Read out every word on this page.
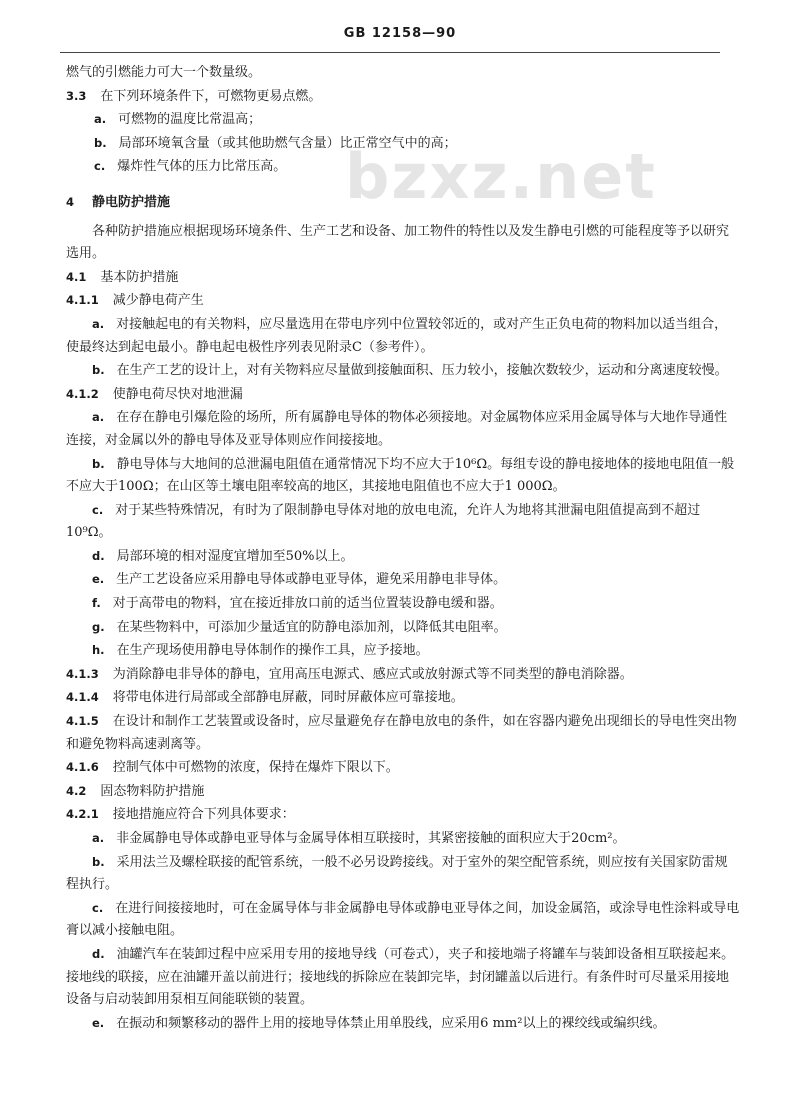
GB 12158—90
bzxz.net

燃气的引燃能力可大一个数量级。

3.3 在下列环境条件下，可燃物更易点燃。

a. 可燃物的温度比常温高；

b. 局部环境氧含量（或其他助燃气含量）比正常空气中的高；

c. 爆炸性气体的压力比常压高。

4 静电防护措施

各种防护措施应根据现场环境条件、生产工艺和设备、加工物件的特性以及发生静电引燃的可能程度等予以研究选用。

4.1 基本防护措施

4.1.1 减少静电荷产生

a. 对接触起电的有关物料，应尽量选用在带电序列中位置较邻近的，或对产生正负电荷的物料加以适当组合，使最终达到起电最小。静电起电极性序列表见附录C（参考件）。

b. 在生产工艺的设计上，对有关物料应尽量做到接触面积、压力较小，接触次数较少，运动和分离速度较慢。

4.1.2 使静电荷尽快对地泄漏

a. 在存在静电引爆危险的场所，所有属静电导体的物体必须接地。对金属物体应采用金属导体与大地作导通性连接，对金属以外的静电导体及亚导体则应作间接接地。

b. 静电导体与大地间的总泄漏电阻值在通常情况下均不应大于10⁶Ω。每组专设的静电接地体的接地电阻值一般不应大于100Ω；在山区等土壤电阻率较高的地区，其接地电阻值也不应大于1 000Ω。

c. 对于某些特殊情况，有时为了限制静电导体对地的放电电流，允许人为地将其泄漏电阻值提高到不超过10⁹Ω。

d. 局部环境的相对湿度宜增加至50%以上。

e. 生产工艺设备应采用静电导体或静电亚导体，避免采用静电非导体。

f. 对于高带电的物料，宜在接近排放口前的适当位置装设静电缓和器。

g. 在某些物料中，可添加少量适宜的防静电添加剂，以降低其电阻率。

h. 在生产现场使用静电导体制作的操作工具，应予接地。

4.1.3 为消除静电非导体的静电，宜用高压电源式、感应式或放射源式等不同类型的静电消除器。

4.1.4 将带电体进行局部或全部静电屏蔽，同时屏蔽体应可靠接地。

4.1.5 在设计和制作工艺装置或设备时，应尽量避免存在静电放电的条件，如在容器内避免出现细长的导电性突出物和避免物料高速剥离等。

4.1.6 控制气体中可燃物的浓度，保持在爆炸下限以下。

4.2 固态物料防护措施

4.2.1 接地措施应符合下列具体要求：

a. 非金属静电导体或静电亚导体与金属导体相互联接时，其紧密接触的面积应大于20cm²。

b. 采用法兰及螺栓联接的配管系统，一般不必另设跨接线。对于室外的架空配管系统，则应按有关国家防雷规程执行。

c. 在进行间接接地时，可在金属导体与非金属静电导体或静电亚导体之间，加设金属箔，或涂导电性涂料或导电膏以减小接触电阻。

d. 油罐汽车在装卸过程中应采用专用的接地导线（可卷式），夹子和接地端子将罐车与装卸设备相互联接起来。接地线的联接，应在油罐开盖以前进行；接地线的拆除应在装卸完毕，封闭罐盖以后进行。有条件时可尽量采用接地设备与启动装卸用泵相互间能联锁的装置。

e. 在振动和频繁移动的器件上用的接地导体禁止用单股线，应采用6 mm²以上的裸绞线或编织线。
